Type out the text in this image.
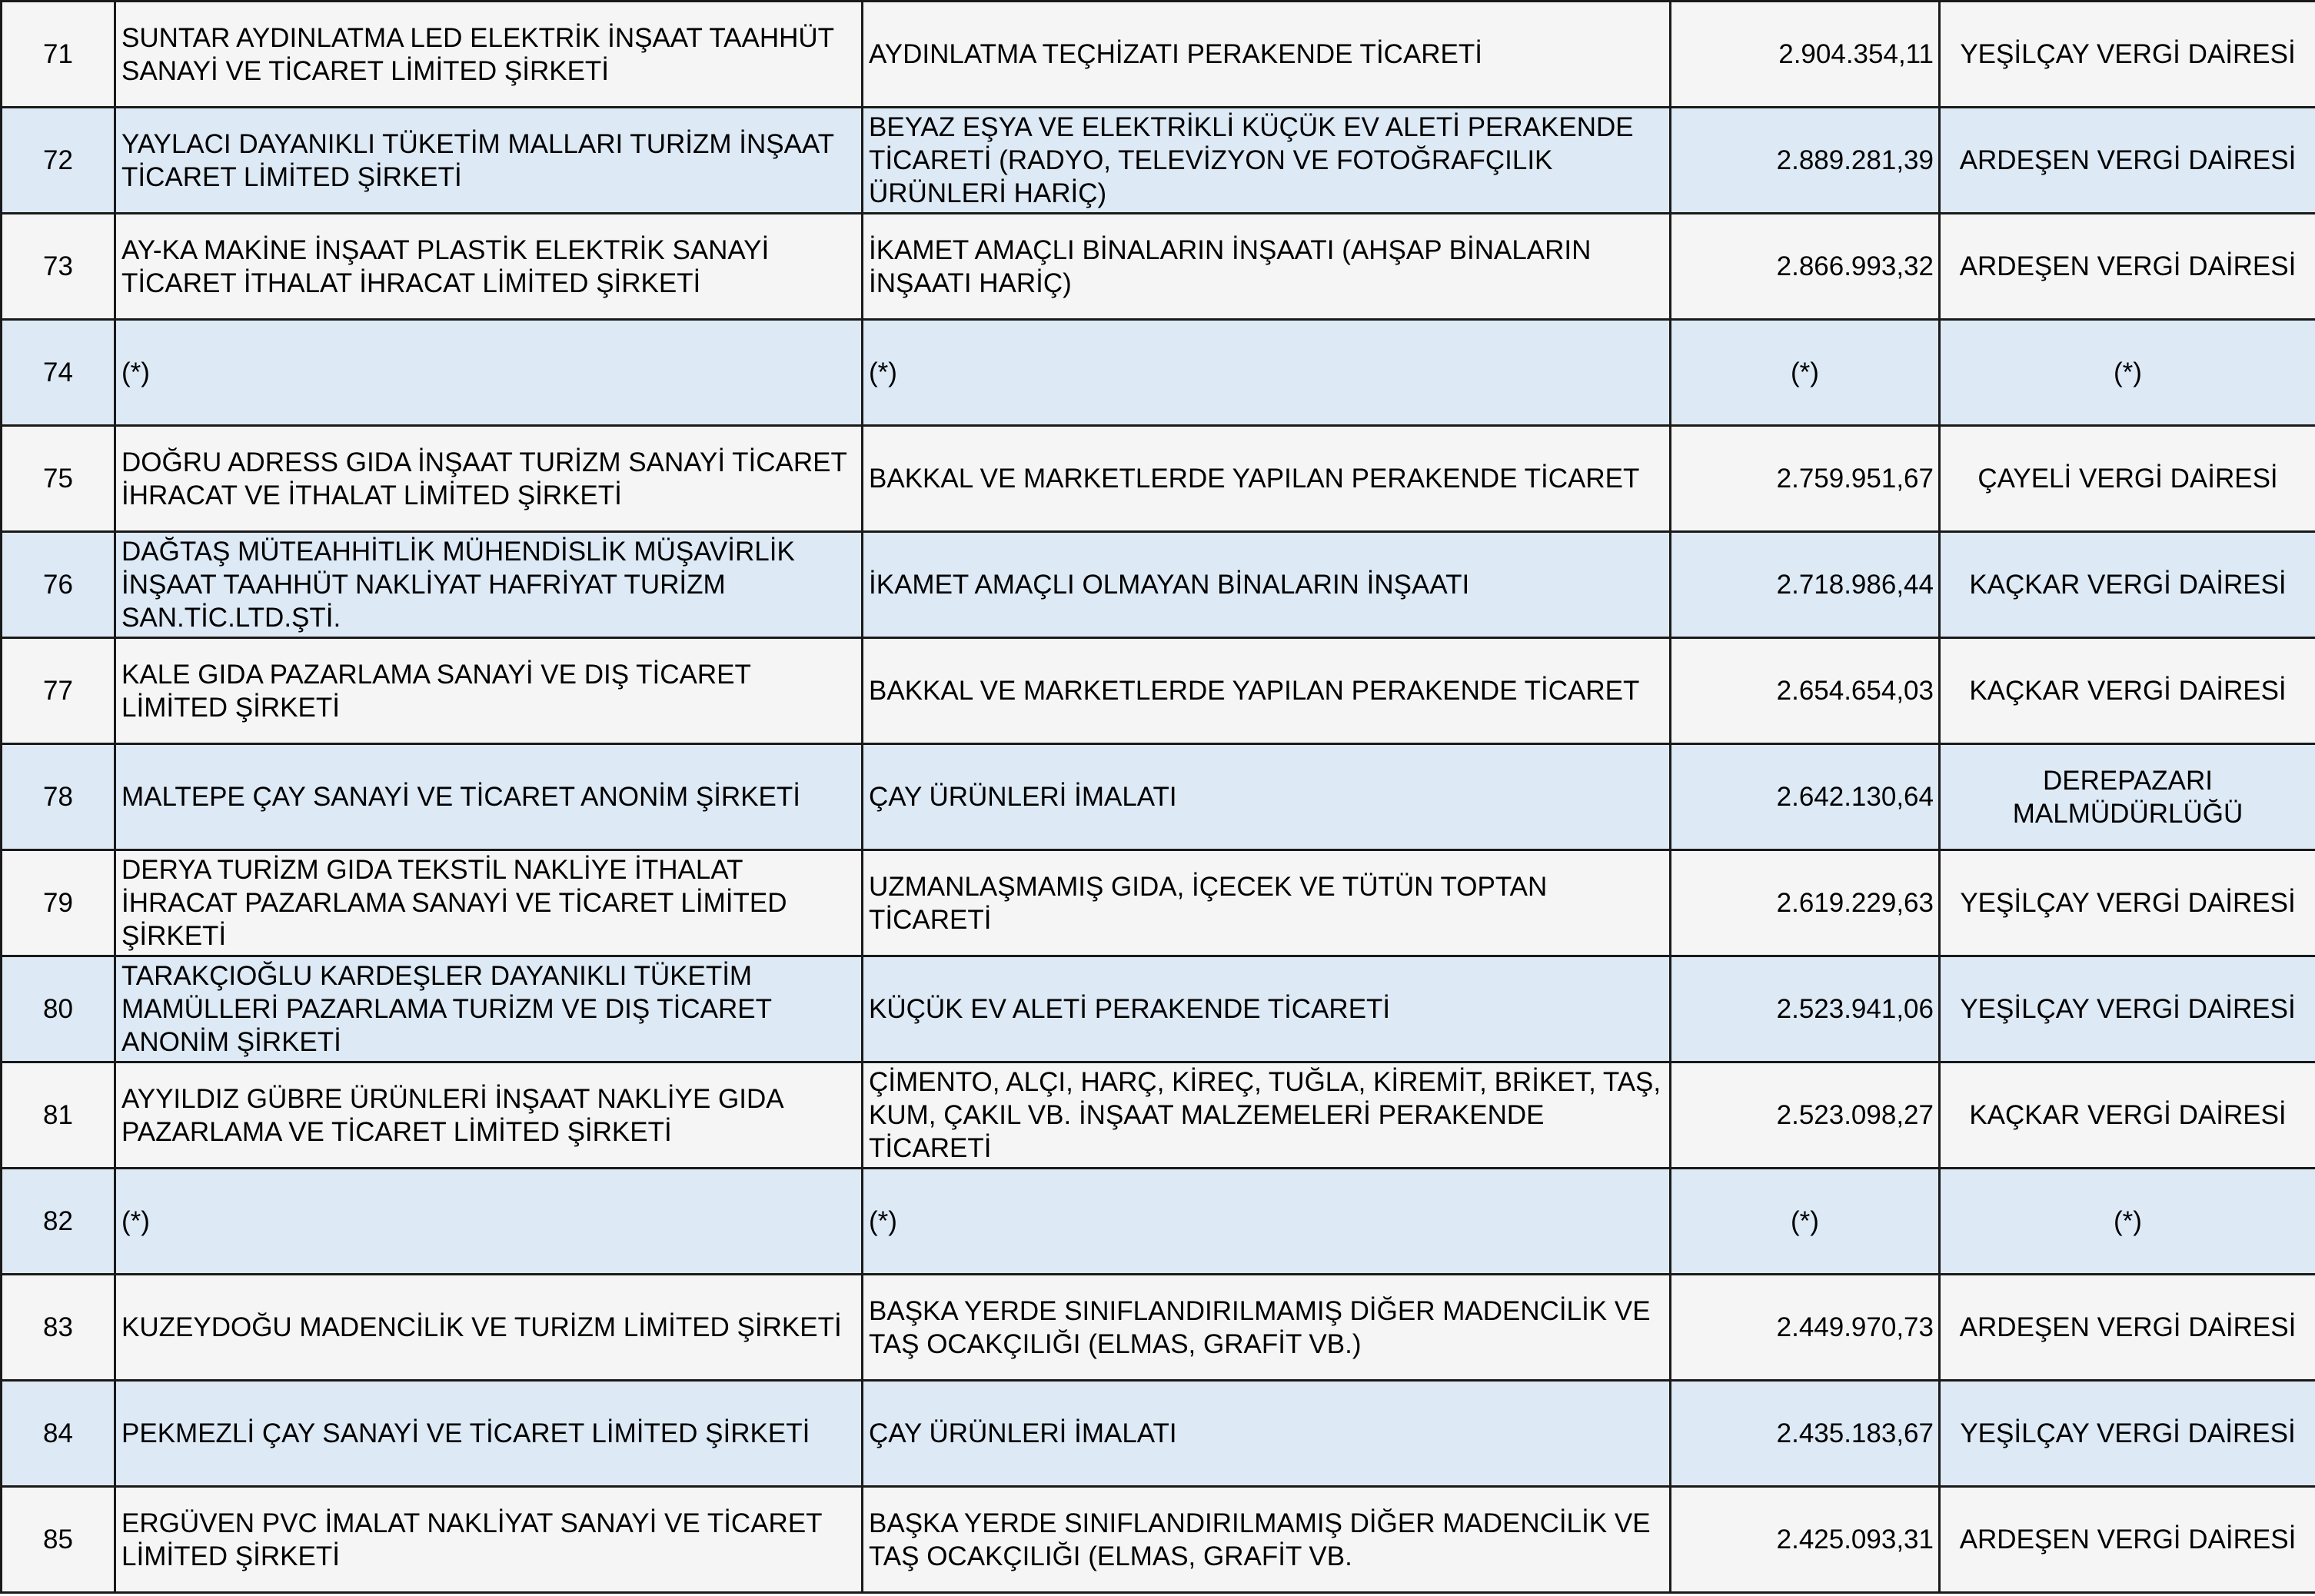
71	SUNTAR AYDINLATMA LED ELEKTRİK İNŞAAT TAAHHÜT SANAYİ VE TİCARET LİMİTED ŞİRKETİ	AYDINLATMA TEÇHİZATI PERAKENDE TİCARETİ	2.904.354,11	YEŞİLÇAY VERGİ DAİRESİ
72	YAYLACI DAYANIKLI TÜKETİM MALLARI TURİZM İNŞAAT TİCARET LİMİTED ŞİRKETİ	BEYAZ EŞYA VE ELEKTRİKLİ KÜÇÜK EV ALETİ PERAKENDE TİCARETİ (RADYO, TELEVİZYON VE FOTOĞRAFÇILIK ÜRÜNLERİ HARİÇ)	2.889.281,39	ARDEŞEN VERGİ DAİRESİ
73	AY-KA MAKİNE İNŞAAT PLASTİK ELEKTRİK SANAYİ TİCARET İTHALAT İHRACAT LİMİTED ŞİRKETİ	İKAMET AMAÇLI BİNALARIN İNŞAATI (AHŞAP BİNALARIN İNŞAATI HARİÇ)	2.866.993,32	ARDEŞEN VERGİ DAİRESİ
74	(*)	(*)	(*)	(*)
75	DOĞRU ADRESS GIDA İNŞAAT TURİZM SANAYİ TİCARET İHRACAT VE İTHALAT LİMİTED ŞİRKETİ	BAKKAL VE MARKETLERDE YAPILAN PERAKENDE TİCARET	2.759.951,67	ÇAYELİ VERGİ DAİRESİ
76	DAĞTAŞ MÜTEAHHİTLİK MÜHENDİSLİK MÜŞAVİRLİK İNŞAAT TAAHHÜT NAKLİYAT HAFRİYAT TURİZM SAN.TİC.LTD.ŞTİ.	İKAMET AMAÇLI OLMAYAN BİNALARIN İNŞAATI	2.718.986,44	KAÇKAR VERGİ DAİRESİ
77	KALE GIDA PAZARLAMA SANAYİ VE DIŞ TİCARET LİMİTED ŞİRKETİ	BAKKAL VE MARKETLERDE YAPILAN PERAKENDE TİCARET	2.654.654,03	KAÇKAR VERGİ DAİRESİ
78	MALTEPE ÇAY SANAYİ VE TİCARET ANONİM ŞİRKETİ	ÇAY ÜRÜNLERİ İMALATI	2.642.130,64	DEREPAZARI MALMÜDÜRLÜĞÜ
79	DERYA TURİZM GIDA TEKSTİL NAKLİYE İTHALAT İHRACAT PAZARLAMA SANAYİ VE TİCARET LİMİTED ŞİRKETİ	UZMANLAŞMAMIŞ GIDA, İÇECEK VE TÜTÜN TOPTAN TİCARETİ	2.619.229,63	YEŞİLÇAY VERGİ DAİRESİ
80	TARAKÇIOĞLU KARDEŞLER DAYANIKLI TÜKETİM MAMÜLLERİ PAZARLAMA TURİZM VE DIŞ TİCARET ANONİM ŞİRKETİ	KÜÇÜK EV ALETİ PERAKENDE TİCARETİ	2.523.941,06	YEŞİLÇAY VERGİ DAİRESİ
81	AYYILDIZ GÜBRE ÜRÜNLERİ İNŞAAT NAKLİYE GIDA PAZARLAMA VE TİCARET LİMİTED ŞİRKETİ	ÇİMENTO, ALÇI, HARÇ, KİREÇ, TUĞLA, KİREMİT, BRİKET, TAŞ, KUM, ÇAKIL VB. İNŞAAT MALZEMELERİ PERAKENDE TİCARETİ	2.523.098,27	KAÇKAR VERGİ DAİRESİ
82	(*)	(*)	(*)	(*)
83	KUZEYDOĞU MADENCİLİK VE TURİZM LİMİTED ŞİRKETİ	BAŞKA YERDE SINIFLANDIRILMAMIŞ DİĞER MADENCİLİK VE TAŞ OCAKÇILIĞI (ELMAS, GRAFİT VB.)	2.449.970,73	ARDEŞEN VERGİ DAİRESİ
84	PEKMEZLİ ÇAY SANAYİ VE TİCARET LİMİTED ŞİRKETİ	ÇAY ÜRÜNLERİ İMALATI	2.435.183,67	YEŞİLÇAY VERGİ DAİRESİ
85	ERGÜVEN PVC İMALAT NAKLİYAT SANAYİ VE TİCARET LİMİTED ŞİRKETİ	BAŞKA YERDE SINIFLANDIRILMAMIŞ DİĞER MADENCİLİK VE TAŞ OCAKÇILIĞI (ELMAS, GRAFİT VB.	2.425.093,31	ARDEŞEN VERGİ DAİRESİ
